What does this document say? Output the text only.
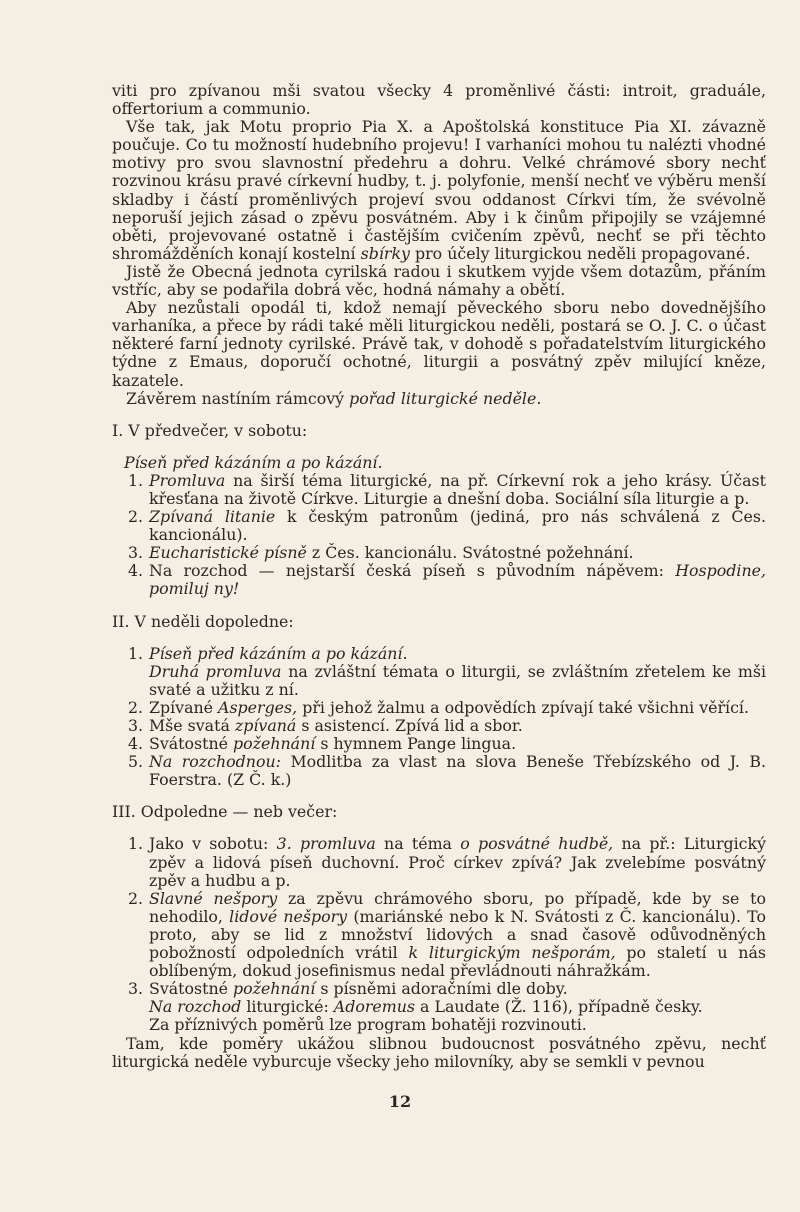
viti pro zpívanou mši svatou všecky 4 proměnlivé části: introit, graduále, offertorium a communio.

Vše tak, jak Motu proprio Pia X. a Apoštolská konstituce Pia XI. závazně poučuje. Co tu možností hudebního projevu! I varhaníci mohou tu nalézti vhodné motivy pro svou slavnostní předehru a dohru. Velké chrámové sbory nechť rozvinou krásu pravé církevní hudby, t. j. polyfonie, menší nechť ve výběru menší skladby i částí proměnlivých projeví svou oddanost Církvi tím, že svévolně neporuší jejich zásad o zpěvu posvátném. Aby i k činům připojily se vzájemné oběti, projevované ostatně i častějším cvičením zpěvů, nechť se při těchto shromážděních konají kostelní sbírky pro účely liturgickou neděli propagované.

Jistě že Obecná jednota cyrilská radou i skutkem vyjde všem dotazům, přáním vstříc, aby se podařila dobrá věc, hodná námahy a obětí.

Aby nezůstali opodál ti, kdož nemají pěveckého sboru nebo dovednějšího varhaníka, a přece by rádi také měli liturgickou neděli, postará se O. J. C. o účast některé farní jednoty cyrilské. Právě tak, v dohodě s pořadatelstvím liturgického týdne z Emaus, doporučí ochotné, liturgii a posvátný zpěv milující kněze, kazatele.

Závěrem nastíním rámcový pořad liturgické neděle.

I. V předvečer, v sobotu:

Píseň před kázáním a po kázání.

1. Promluva na širší téma liturgické, na př. Církevní rok a jeho krásy. Účast křesťana na životě Církve. Liturgie a dnešní doba. Sociální síla liturgie a p.
2. Zpívaná litanie k českým patronům (jediná, pro nás schválená z Čes. kancionálu).
3. Eucharistické písně z Čes. kancionálu. Svátostné požehnání.
4. Na rozchod — nejstarší česká píseň s původním nápěvem: Hospodine, pomiluj ny!

II. V neděli dopoledne:

1. Píseň před kázáním a po kázání.
Druhá promluva na zvláštní témata o liturgii, se zvláštním zřetelem ke mši svaté a užitku z ní.
2. Zpívané Asperges, při jehož žalmu a odpovědích zpívají také všichni věřící.
3. Mše svatá zpívaná s asistencí. Zpívá lid a sbor.
4. Svátostné požehnání s hymnem Pange lingua.
5. Na rozchodnou: Modlitba za vlast na slova Beneše Třebízského od J. B. Foerstra. (Z Č. k.)

III. Odpoledne — neb večer:

1. Jako v sobotu: 3. promluva na téma o posvátné hudbě, na př.: Liturgický zpěv a lidová píseň duchovní. Proč církev zpívá? Jak zvelebíme posvátný zpěv a hudbu a p.
2. Slavné nešpory za zpěvu chrámového sboru, po případě, kde by se to nehodilo, lidové nešpory (mariánské nebo k N. Svátosti z Č. kancionálu). To proto, aby se lid z množství lidových a snad časově odůvodněných pobožností odpoledních vrátil k liturgickým nešporám, po staletí u nás oblíbeným, dokud josefinismus nedal převládnouti náhražkám.
3. Svátostné požehnání s písněmi adoračními dle doby.
Na rozchod liturgické: Adoremus a Laudate (Ž. 116), případně česky.
Za příznivých poměrů lze program bohatěji rozvinouti.

Tam, kde poměry ukážou slibnou budoucnost posvátného zpěvu, nechť liturgická neděle vyburcuje všecky jeho milovníky, aby se semkli v pevnou

12
